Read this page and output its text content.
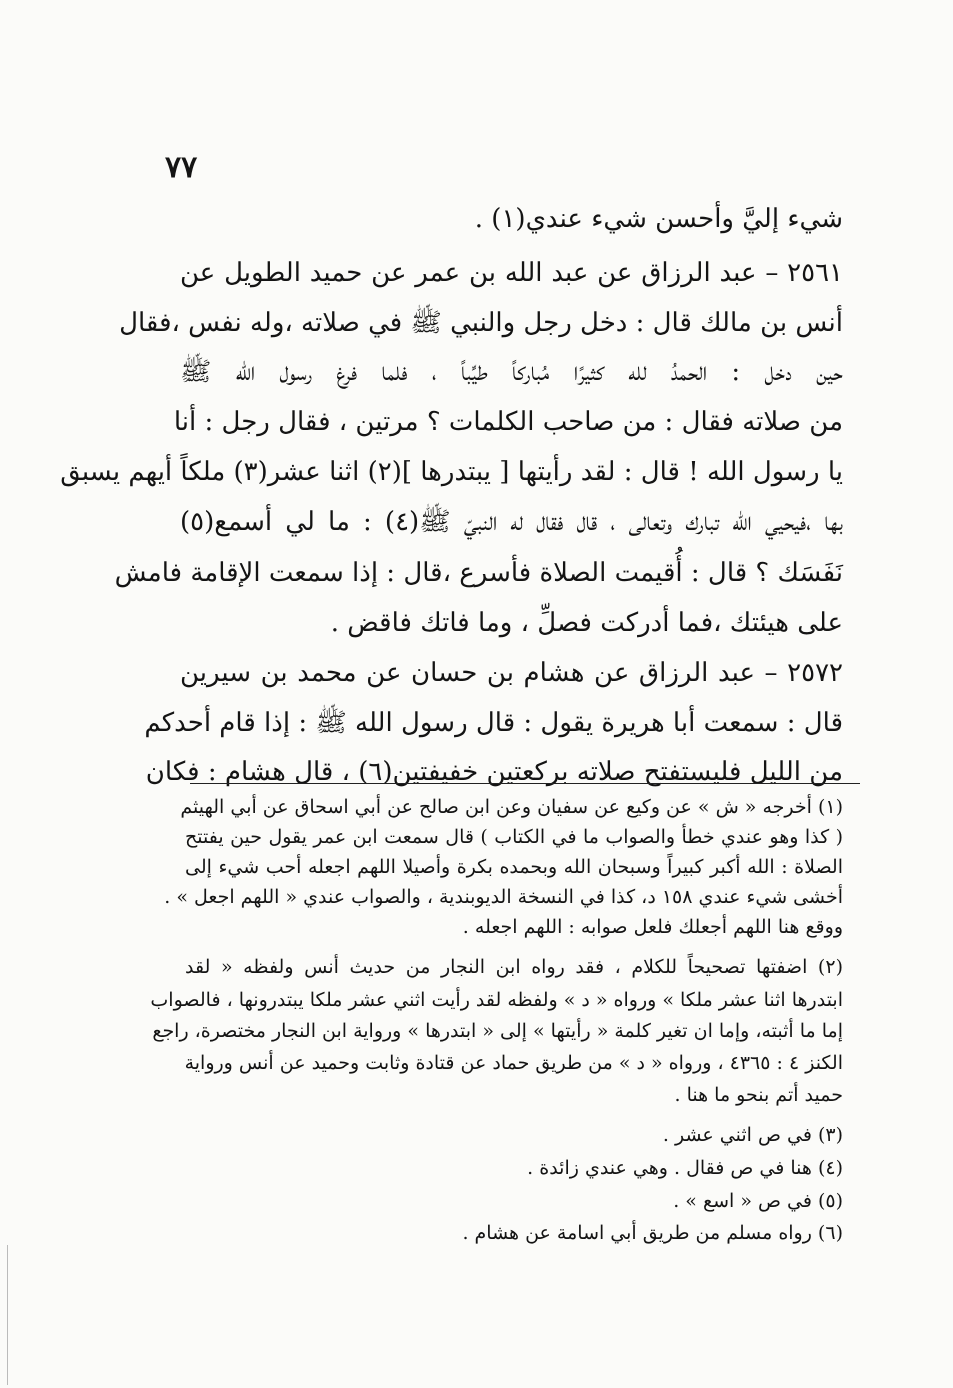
٧٧
شيء إليَّ وأحسن شيء عندي(١) .
٢٥٦١ – عبد الرزاق عن عبد الله بن عمر عن حميد الطويل عن
أنس بن مالك قال : دخل رجل والنبي ﷺ في صلاته ،وله نفس ،فقال
حين دخل : الحمدُ لله كثيرًا مُباركاً طيِّباً ، فلما فرغ رسول الله ﷺ
من صلاته فقال : من صاحب الكلمات ؟ مرتين ، فقال رجل : أنا
يا رسول الله ! قال : لقد رأيتها [ يبتدرها ](٢) اثنا عشر(٣) ملكاً أيهم يسبق
بها ،فيحيي الله تبارك وتعالى ، قال فقال له النبيّ ﷺ(٤) : ما لي أسمع(٥)
نَفَسَك ؟ قال : أُقيمت الصلاة فأسرع ،قال : إذا سمعت الإقامة فامش
على هيئتك ،فما أدركت فصلِّ ، وما فاتك فاقض .
٢٥٧٢ – عبد الرزاق عن هشام بن حسان عن محمد بن سيرين
قال : سمعت أبا هريرة يقول : قال رسول الله ﷺ : إذا قام أحدكم
من الليل فليستفتح صلاته بركعتين خفيفتين(٦) ، قال هشام : فكان
(١) أخرجه « ش » عن وكيع عن سفيان وعن ابن صالح عن أبي اسحاق عن أبي الهيثم
( كذا وهو عندي خطأ والصواب ما في الكتاب ) قال سمعت ابن عمر يقول حين يفتتح
الصلاة : الله أكبر كبيراً وسبحان الله وبحمده بكرة وأصيلا اللهم اجعله أحب شيء إلى
أخشى شيء عندي ١٥٨ د، كذا في النسخة الديوبندية ، والصواب عندي « اللهم اجعل » .
ووقع هنا اللهم أجعلك فلعل صوابه : اللهم اجعله .
(٢) اضفتها تصحيحاً للكلام ، فقد رواه ابن النجار من حديث أنس ولفظه « لقد
ابتدرها اثنا عشر ملكا » ورواه « د » ولفظه لقد رأيت اثني عشر ملكا يبتدرونها ، فالصواب
إما ما أثبته، وإما ان تغير كلمة « رأيتها » إلى « ابتدرها » ورواية ابن النجار مختصرة، راجع
الكنز ٤ : ٤٣٦٥ ، ورواه « د » من طريق حماد عن قتادة وثابت وحميد عن أنس ورواية
حميد أتم بنحو ما هنا .
(٣) في ص اثني عشر .
(٤) هنا في ص فقال . وهي عندي زائدة .
(٥) في ص « اسع » .
(٦) رواه مسلم من طريق أبي اسامة عن هشام .
